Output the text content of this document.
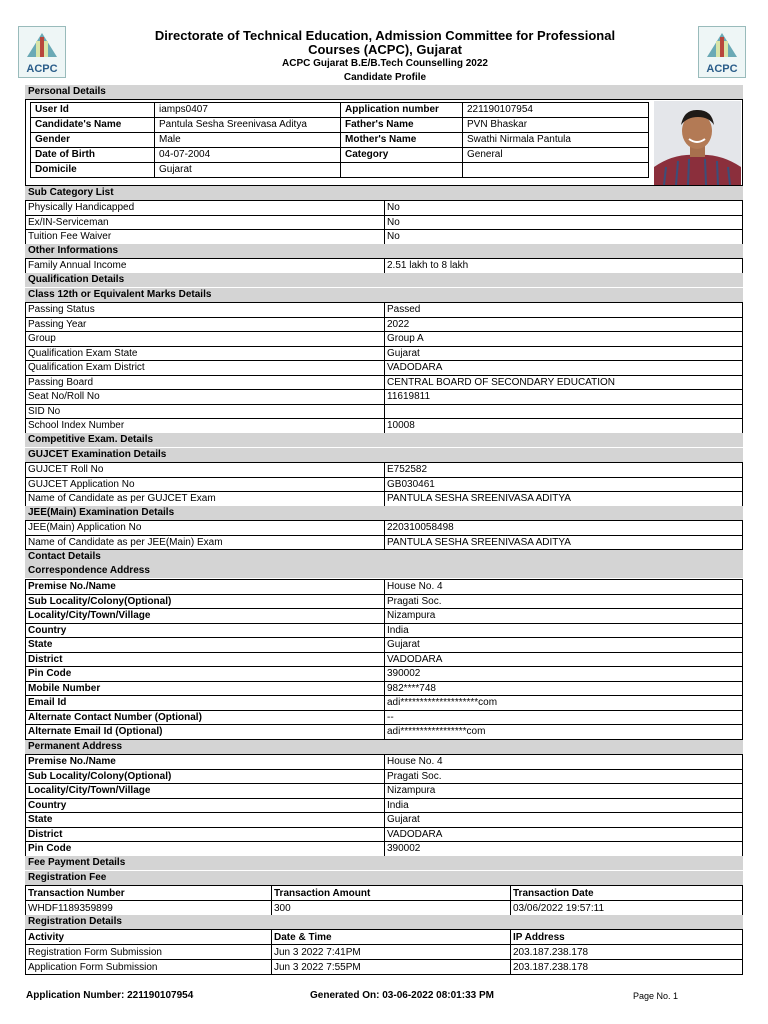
ACPC	ACPC
Directorate of Technical Education, Admission Committee for Professional
Courses (ACPC), Gujarat
ACPC Gujarat B.E/B.Tech Counselling 2022
Candidate Profile
Personal Details
User Id	iamps0407	Application number	221190107954
Candidate's Name	Pantula Sesha Sreenivasa Aditya	Father's Name	PVN Bhaskar
Gender	Male	Mother's Name	Swathi Nirmala Pantula
Date of Birth	04-07-2004	Category	General
Domicile	Gujarat		
Sub Category List
Physically Handicapped	No
Ex/IN-Serviceman	No
Tuition Fee Waiver	No
Other Informations
Family Annual Income	2.51 lakh to 8 lakh
Qualification Details
Class 12th or Equivalent Marks Details
Passing Status	Passed
Passing Year	2022
Group	Group A
Qualification Exam State	Gujarat
Qualification Exam District	VADODARA
Passing Board	CENTRAL BOARD OF SECONDARY EDUCATION
Seat No/Roll No	11619811
SID No	
School Index Number	10008
Competitive Exam. Details
GUJCET Examination Details
GUJCET Roll No	E752582
GUJCET Application No	GB030461
Name of Candidate as per GUJCET Exam	PANTULA SESHA SREENIVASA ADITYA
JEE(Main) Examination Details
JEE(Main) Application No	220310058498
Name of Candidate as per JEE(Main) Exam	PANTULA SESHA SREENIVASA ADITYA
Contact Details
Correspondence Address
Premise No./Name	House No. 4
Sub Locality/Colony(Optional)	Pragati Soc.
Locality/City/Town/Village	Nizampura
Country	India
State	Gujarat
District	VADODARA
Pin Code	390002
Mobile Number	982****748
Email Id	adi********************com
Alternate Contact Number (Optional)	--
Alternate Email Id (Optional)	adi*****************com
Permanent Address
Premise No./Name	House No. 4
Sub Locality/Colony(Optional)	Pragati Soc.
Locality/City/Town/Village	Nizampura
Country	India
State	Gujarat
District	VADODARA
Pin Code	390002
Fee Payment Details
Registration Fee
Transaction Number	Transaction Amount	Transaction Date
WHDF1189359899	300	03/06/2022 19:57:11
Registration Details
Activity	Date & Time	IP Address
Registration Form Submission	Jun 3 2022 7:41PM	203.187.238.178
Application Form Submission	Jun 3 2022 7:55PM	203.187.238.178
Application Number: 221190107954	Generated On: 03-06-2022 08:01:33 PM	Page No. 1
